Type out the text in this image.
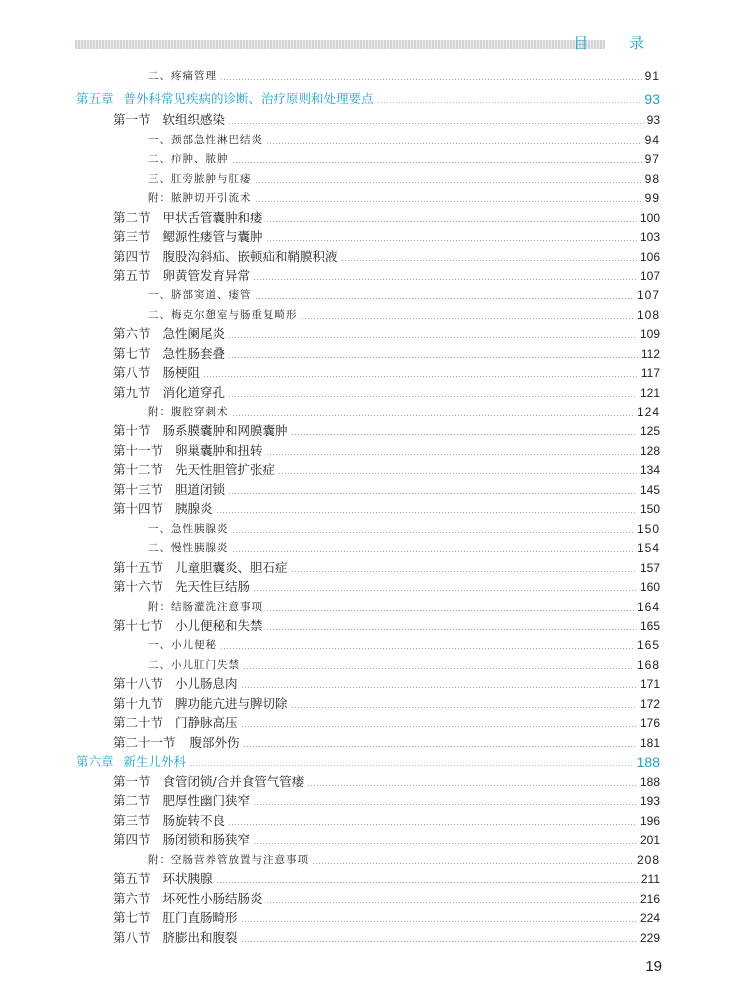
目 录
二、疼痛管理	91
第五章 普外科常见疾病的诊断、治疗原则和处理要点	93
第一节 软组织感染	93
一、颈部急性淋巴结炎	94
二、疖肿、脓肿	97
三、肛旁脓肿与肛瘘	98
附：脓肿切开引流术	99
第二节 甲状舌管囊肿和瘘	100
第三节 鳃源性瘘管与囊肿	103
第四节 腹股沟斜疝、嵌顿疝和鞘膜积液	106
第五节 卵黄管发育异常	107
一、脐部窦道、瘘管	107
二、梅克尔憩室与肠重复畸形	108
第六节 急性阑尾炎	109
第七节 急性肠套叠	112
第八节 肠梗阻	117
第九节 消化道穿孔	121
附：腹腔穿刺术	124
第十节 肠系膜囊肿和网膜囊肿	125
第十一节 卵巢囊肿和扭转	128
第十二节 先天性胆管扩张症	134
第十三节 胆道闭锁	145
第十四节 胰腺炎	150
一、急性胰腺炎	150
二、慢性胰腺炎	154
第十五节 儿童胆囊炎、胆石症	157
第十六节 先天性巨结肠	160
附：结肠灌洗注意事项	164
第十七节 小儿便秘和失禁	165
一、小儿便秘	165
二、小儿肛门失禁	168
第十八节 小儿肠息肉	171
第十九节 脾功能亢进与脾切除	172
第二十节 门静脉高压	176
第二十一节 腹部外伤	181
第六章 新生儿外科	188
第一节 食管闭锁/合并食管气管瘘	188
第二节 肥厚性幽门狭窄	193
第三节 肠旋转不良	196
第四节 肠闭锁和肠狭窄	201
附：空肠营养管放置与注意事项	208
第五节 环状胰腺	211
第六节 坏死性小肠结肠炎	216
第七节 肛门直肠畸形	224
第八节 脐膨出和腹裂	229
19
